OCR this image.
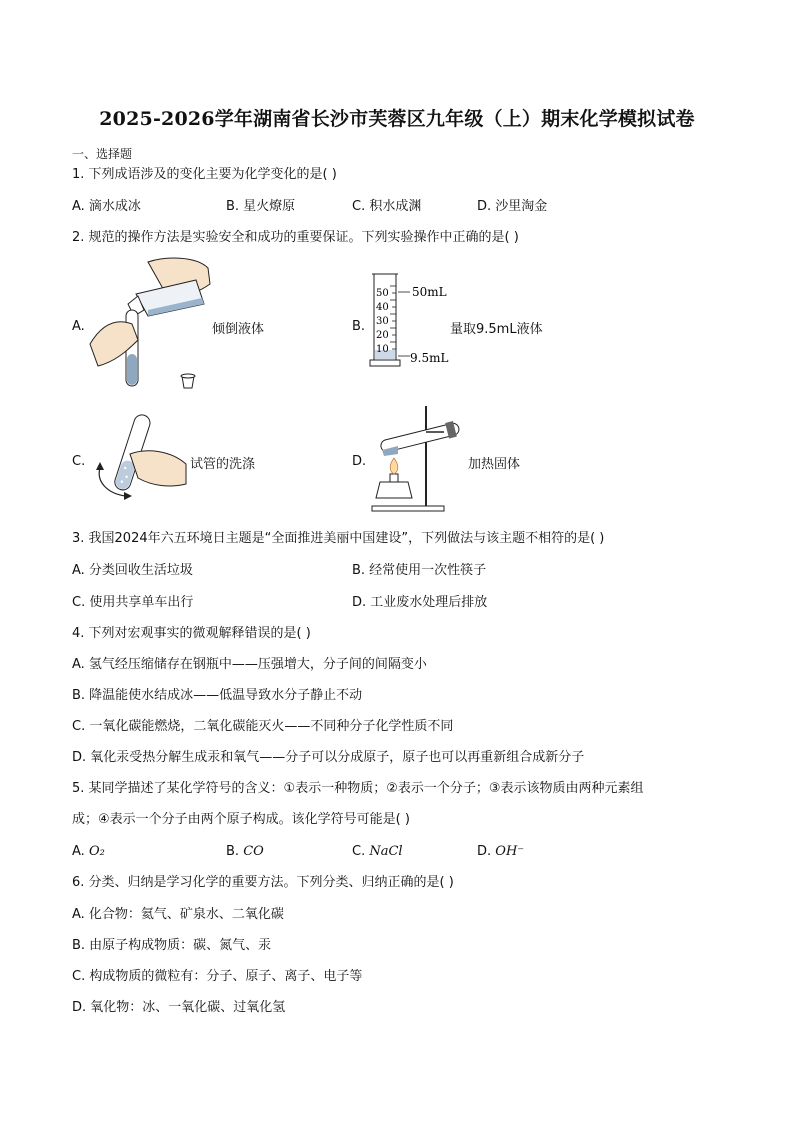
2025-2026学年湖南省长沙市芙蓉区九年级（上）期末化学模拟试卷
一、选择题
1. 下列成语涉及的变化主要为化学变化的是( )
A. 滴水成冰	B. 星火燎原	C. 积水成渊	D. 沙里淘金
2. 规范的操作方法是实验安全和成功的重要保证。下列实验操作中正确的是( )
A.	倾倒液体	B.
50
40
30
20
10
50mL
9.5mL
量取9.5mL液体
C.	试管的洗涤	D.	加热固体
3. 我国2024年六五环境日主题是“全面推进美丽中国建设”，下列做法与该主题不相符的是( )
A. 分类回收生活垃圾	B. 经常使用一次性筷子
C. 使用共享单车出行	D. 工业废水处理后排放
4. 下列对宏观事实的微观解释错误的是( )
A. 氢气经压缩储存在钢瓶中——压强增大，分子间的间隔变小
B. 降温能使水结成冰——低温导致水分子静止不动
C. 一氧化碳能燃烧，二氧化碳能灭火——不同种分子化学性质不同
D. 氧化汞受热分解生成汞和氧气——分子可以分成原子，原子也可以再重新组合成新分子
5. 某同学描述了某化学符号的含义：①表示一种物质；②表示一个分子；③表示该物质由两种元素组
成；④表示一个分子由两个原子构成。该化学符号可能是( )
A. O₂	B. CO	C. NaCl	D. OH⁻
6. 分类、归纳是学习化学的重要方法。下列分类、归纳正确的是( )
A. 化合物：氦气、矿泉水、二氧化碳
B. 由原子构成物质：碳、氮气、汞
C. 构成物质的微粒有：分子、原子、离子、电子等
D. 氧化物：冰、一氧化碳、过氧化氢
